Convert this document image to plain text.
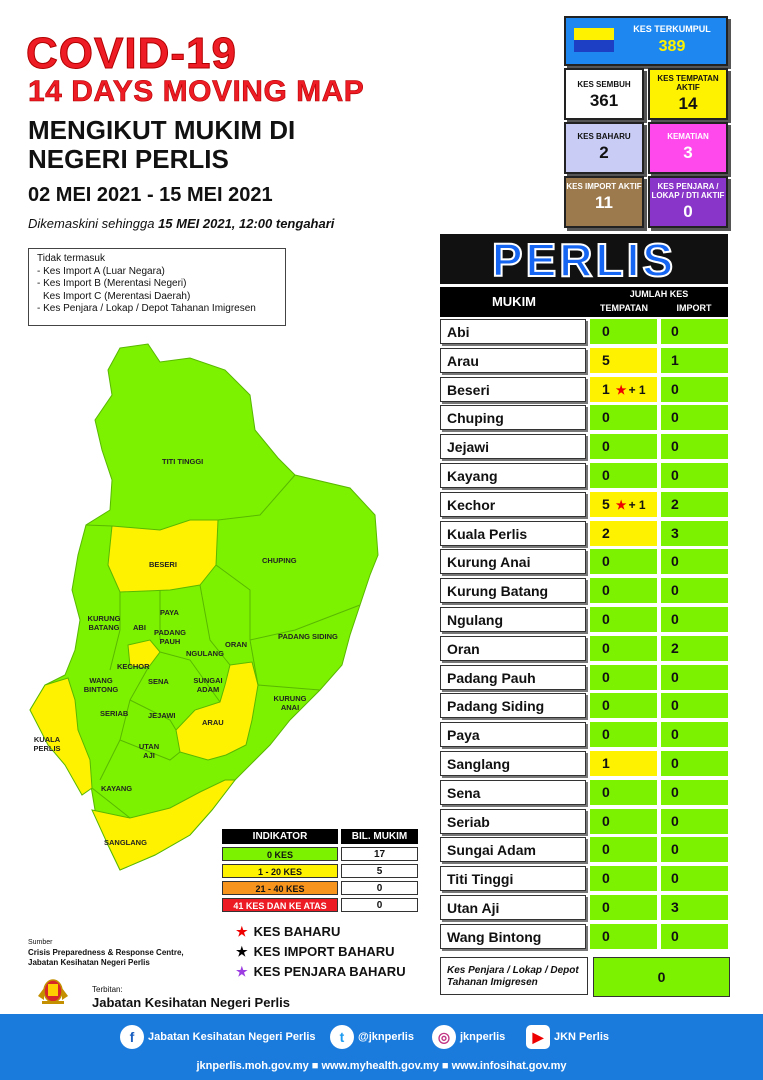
COVID-19
14 DAYS MOVING MAP
MENGIKUT MUKIM DI
NEGERI PERLIS
02 MEI 2021 - 15 MEI 2021
Dikemaskini sehingga 15 MEI 2021, 12:00 tengahari
KES TERKUMPUL
389
KES SEMBUH
361
KES TEMPATAN AKTIF
14
KES BAHARU
2
KEMATIAN
3
KES IMPORT AKTIF
11
KES PENJARA / LOKAP / DTI AKTIF
0
Tidak termasuk
- Kes Import A (Luar Negara)
- Kes Import B (Merentasi Negeri)
Kes Import C (Merentasi Daerah)
- Kes Penjara / Lokap / Depot Tahanan Imigresen
TITI TINGGI
BESERI	CHUPING
KURUNG BATANG
PAYA
ABI
PADANG PAUH
NGULANG
ORAN
PADANG SIDING
KECHOR
WANG BINTONG
SENA	SUNGAI ADAM
KURUNG ANAI
SERIAB	JEJAWI
ARAU
KUALA PERLIS	UTAN AJI
KAYANG
SANGLANG
INDIKATOR	BIL. MUKIM
0 KES	17
1 - 20 KES	5
21 - 40 KES	0
41 KES DAN KE ATAS	0
★ KES BAHARU
★ KES IMPORT BAHARU
★ KES PENJARA BAHARU
Sumber
Crisis Preparedness & Response Centre,
Jabatan Kesihatan Negeri Perlis
Terbitan:
Jabatan Kesihatan Negeri Perlis
PERLIS
MUKIM	JUMLAH KES
TEMPATAN	IMPORT
Abi	0	0
Arau	5	1
Beseri	1 ★ + 1	0
Chuping	0	0
Jejawi	0	0
Kayang	0	0
Kechor	5 ★ + 1	2
Kuala Perlis	2	3
Kurung Anai	0	0
Kurung Batang	0	0
Ngulang	0	0
Oran	0	2
Padang Pauh	0	0
Padang Siding	0	0
Paya	0	0
Sanglang	1	0
Sena	0	0
Seriab	0	0
Sungai Adam	0	0
Titi Tinggi	0	0
Utan Aji	0	3
Wang Bintong	0	0
Kes Penjara / Lokap / Depot Tahanan Imigresen	0
f Jabatan Kesihatan Negeri Perlis	t @jknperlis	◎ jknperlis	▶ JKN Perlis
jknperlis.moh.gov.my ■ www.myhealth.gov.my ■ www.infosihat.gov.my
